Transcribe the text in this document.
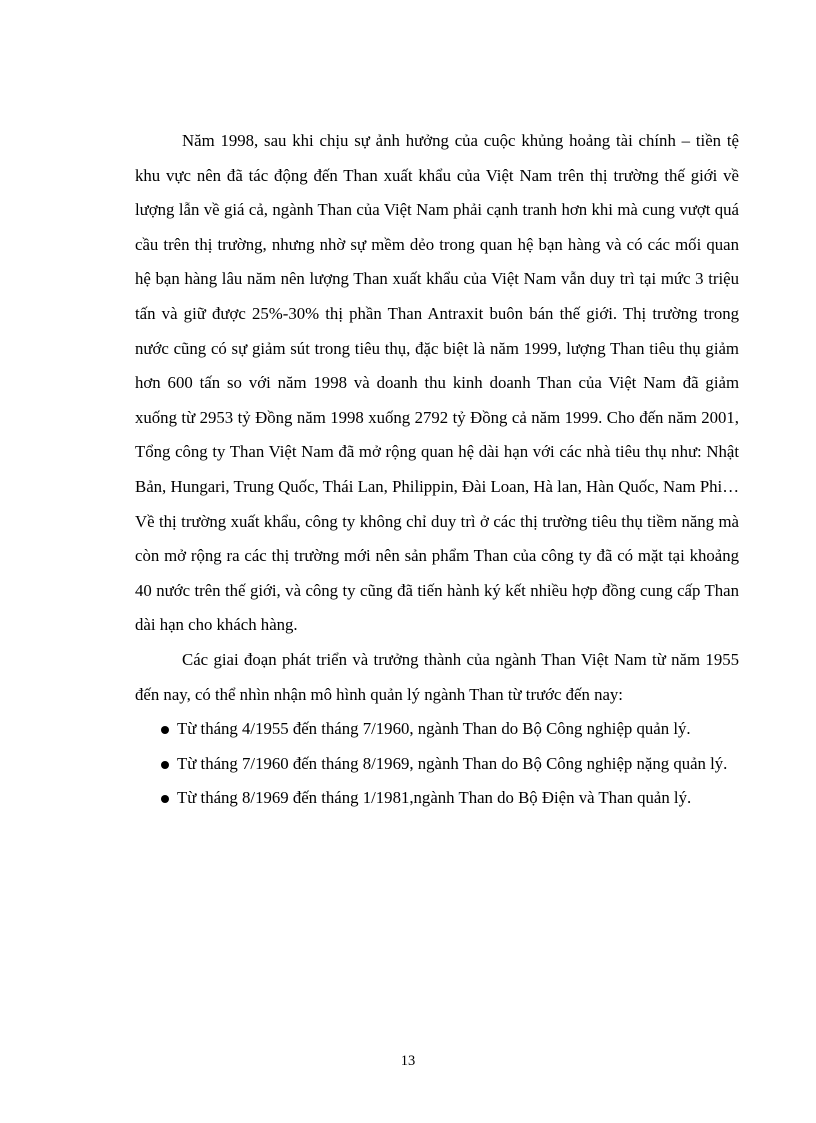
Năm 1998, sau khi chịu sự ảnh hưởng của cuộc khủng hoảng tài chính – tiền tệ khu vực nên đã tác động đến Than xuất khẩu của Việt Nam trên thị trường thế giới về lượng lẫn về giá cả, ngành Than của Việt Nam phải cạnh tranh hơn khi mà cung vượt quá cầu trên thị trường, nhưng nhờ sự mềm dẻo trong quan hệ bạn hàng và có các mối quan hệ bạn hàng lâu năm nên lượng Than xuất khẩu của Việt Nam vẫn duy trì tại mức 3 triệu tấn và giữ được 25%-30% thị phần Than Antraxit buôn bán thế giới. Thị trường trong nước cũng có sự giảm sút trong tiêu thụ, đặc biệt là năm 1999, lượng Than tiêu thụ giảm hơn 600 tấn so với năm 1998 và doanh thu kinh doanh Than của Việt Nam đã giảm xuống từ 2953 tỷ Đồng năm 1998 xuống 2792 tỷ Đồng cả năm 1999. Cho đến năm 2001, Tổng công ty Than Việt Nam đã mở rộng quan hệ dài hạn với các nhà tiêu thụ như: Nhật Bản, Hungari, Trung Quốc, Thái Lan, Philippin, Đài Loan, Hà lan, Hàn Quốc, Nam Phi… Về thị trường xuất khẩu, công ty không chỉ duy trì ở các thị trường tiêu thụ tiềm năng mà còn mở rộng ra các thị trường mới nên sản phẩm Than của công ty đã có mặt tại khoảng 40 nước trên thế giới, và công ty cũng đã tiến hành ký kết nhiều hợp đồng cung cấp Than dài hạn cho khách hàng.

Các giai đoạn phát triển và trưởng thành của ngành Than Việt Nam từ năm 1955 đến nay, có thể nhìn nhận mô hình quản lý ngành Than từ trước đến nay:

Từ tháng 4/1955 đến tháng 7/1960, ngành Than do Bộ Công nghiệp quản lý.
Từ tháng 7/1960 đến tháng 8/1969, ngành Than do Bộ Công nghiệp nặng quản lý.
Từ tháng 8/1969 đến tháng 1/1981,ngành Than do Bộ Điện và Than quản lý.
13
